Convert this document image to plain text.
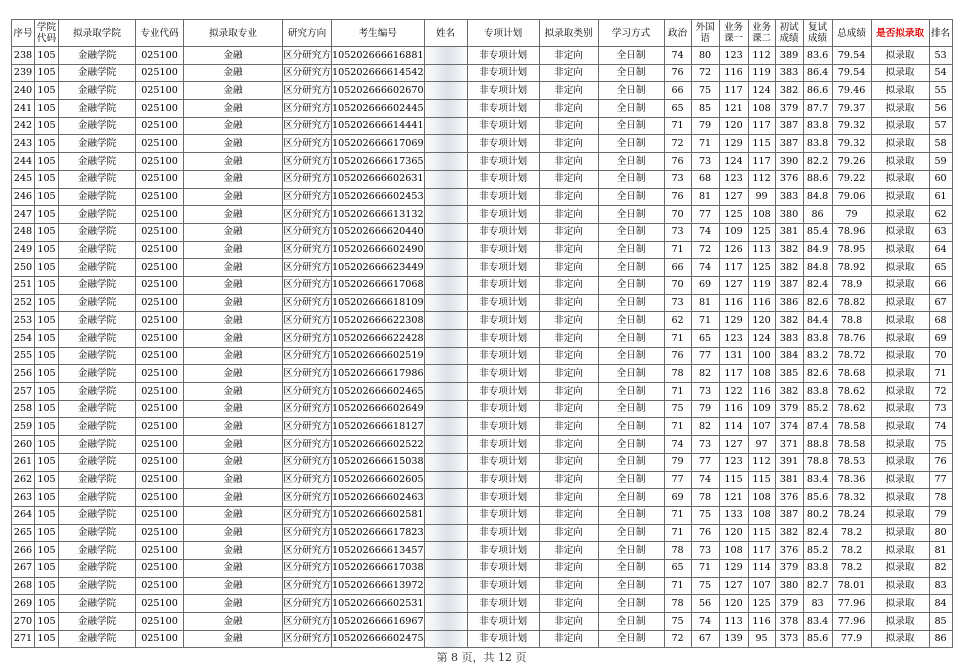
序号	学院代码	拟录取学院	专业代码	拟录取专业	研究方向	考生编号	姓名	专项计划	拟录取类别	学习方式	政治	外国语	业务课一	业务课二	初试成绩	复试成绩	总成绩	是否拟录取	排名
238	105	金融学院	025100	金融	区分研究方	105202666616881		非专项计划	非定向	全日制	74	80	123	112	389	83.6	79.54	拟录取	53
239	105	金融学院	025100	金融	区分研究方	105202666614542		非专项计划	非定向	全日制	76	72	116	119	383	86.4	79.54	拟录取	54
240	105	金融学院	025100	金融	区分研究方	105202666602670		非专项计划	非定向	全日制	66	75	117	124	382	86.6	79.46	拟录取	55
241	105	金融学院	025100	金融	区分研究方	105202666602445		非专项计划	非定向	全日制	65	85	121	108	379	87.7	79.37	拟录取	56
242	105	金融学院	025100	金融	区分研究方	105202666614441		非专项计划	非定向	全日制	71	79	120	117	387	83.8	79.32	拟录取	57
243	105	金融学院	025100	金融	区分研究方	105202666617069		非专项计划	非定向	全日制	72	71	129	115	387	83.8	79.32	拟录取	58
244	105	金融学院	025100	金融	区分研究方	105202666617365		非专项计划	非定向	全日制	76	73	124	117	390	82.2	79.26	拟录取	59
245	105	金融学院	025100	金融	区分研究方	105202666602631		非专项计划	非定向	全日制	73	68	123	112	376	88.6	79.22	拟录取	60
246	105	金融学院	025100	金融	区分研究方	105202666602453		非专项计划	非定向	全日制	76	81	127	99	383	84.8	79.06	拟录取	61
247	105	金融学院	025100	金融	区分研究方	105202666613132		非专项计划	非定向	全日制	70	77	125	108	380	86	79	拟录取	62
248	105	金融学院	025100	金融	区分研究方	105202666620440		非专项计划	非定向	全日制	73	74	109	125	381	85.4	78.96	拟录取	63
249	105	金融学院	025100	金融	区分研究方	105202666602490		非专项计划	非定向	全日制	71	72	126	113	382	84.9	78.95	拟录取	64
250	105	金融学院	025100	金融	区分研究方	105202666623449		非专项计划	非定向	全日制	66	74	117	125	382	84.8	78.92	拟录取	65
251	105	金融学院	025100	金融	区分研究方	105202666617068		非专项计划	非定向	全日制	70	69	127	119	387	82.4	78.9	拟录取	66
252	105	金融学院	025100	金融	区分研究方	105202666618109		非专项计划	非定向	全日制	73	81	116	116	386	82.6	78.82	拟录取	67
253	105	金融学院	025100	金融	区分研究方	105202666622308		非专项计划	非定向	全日制	62	71	129	120	382	84.4	78.8	拟录取	68
254	105	金融学院	025100	金融	区分研究方	105202666622428		非专项计划	非定向	全日制	71	65	123	124	383	83.8	78.76	拟录取	69
255	105	金融学院	025100	金融	区分研究方	105202666602519		非专项计划	非定向	全日制	76	77	131	100	384	83.2	78.72	拟录取	70
256	105	金融学院	025100	金融	区分研究方	105202666617986		非专项计划	非定向	全日制	78	82	117	108	385	82.6	78.68	拟录取	71
257	105	金融学院	025100	金融	区分研究方	105202666602465		非专项计划	非定向	全日制	71	73	122	116	382	83.8	78.62	拟录取	72
258	105	金融学院	025100	金融	区分研究方	105202666602649		非专项计划	非定向	全日制	75	79	116	109	379	85.2	78.62	拟录取	73
259	105	金融学院	025100	金融	区分研究方	105202666618127		非专项计划	非定向	全日制	71	82	114	107	374	87.4	78.58	拟录取	74
260	105	金融学院	025100	金融	区分研究方	105202666602522		非专项计划	非定向	全日制	74	73	127	97	371	88.8	78.58	拟录取	75
261	105	金融学院	025100	金融	区分研究方	105202666615038		非专项计划	非定向	全日制	79	77	123	112	391	78.8	78.53	拟录取	76
262	105	金融学院	025100	金融	区分研究方	105202666602605		非专项计划	非定向	全日制	77	74	115	115	381	83.4	78.36	拟录取	77
263	105	金融学院	025100	金融	区分研究方	105202666602463		非专项计划	非定向	全日制	69	78	121	108	376	85.6	78.32	拟录取	78
264	105	金融学院	025100	金融	区分研究方	105202666602581		非专项计划	非定向	全日制	71	75	133	108	387	80.2	78.24	拟录取	79
265	105	金融学院	025100	金融	区分研究方	105202666617823		非专项计划	非定向	全日制	71	76	120	115	382	82.4	78.2	拟录取	80
266	105	金融学院	025100	金融	区分研究方	105202666613457		非专项计划	非定向	全日制	78	73	108	117	376	85.2	78.2	拟录取	81
267	105	金融学院	025100	金融	区分研究方	105202666617038		非专项计划	非定向	全日制	65	71	129	114	379	83.8	78.2	拟录取	82
268	105	金融学院	025100	金融	区分研究方	105202666613972		非专项计划	非定向	全日制	71	75	127	107	380	82.7	78.01	拟录取	83
269	105	金融学院	025100	金融	区分研究方	105202666602531		非专项计划	非定向	全日制	78	56	120	125	379	83	77.96	拟录取	84
270	105	金融学院	025100	金融	区分研究方	105202666616967		非专项计划	非定向	全日制	75	74	113	116	378	83.4	77.96	拟录取	85
271	105	金融学院	025100	金融	区分研究方	105202666602475		非专项计划	非定向	全日制	72	67	139	95	373	85.6	77.9	拟录取	86
第 8 页，共 12 页
